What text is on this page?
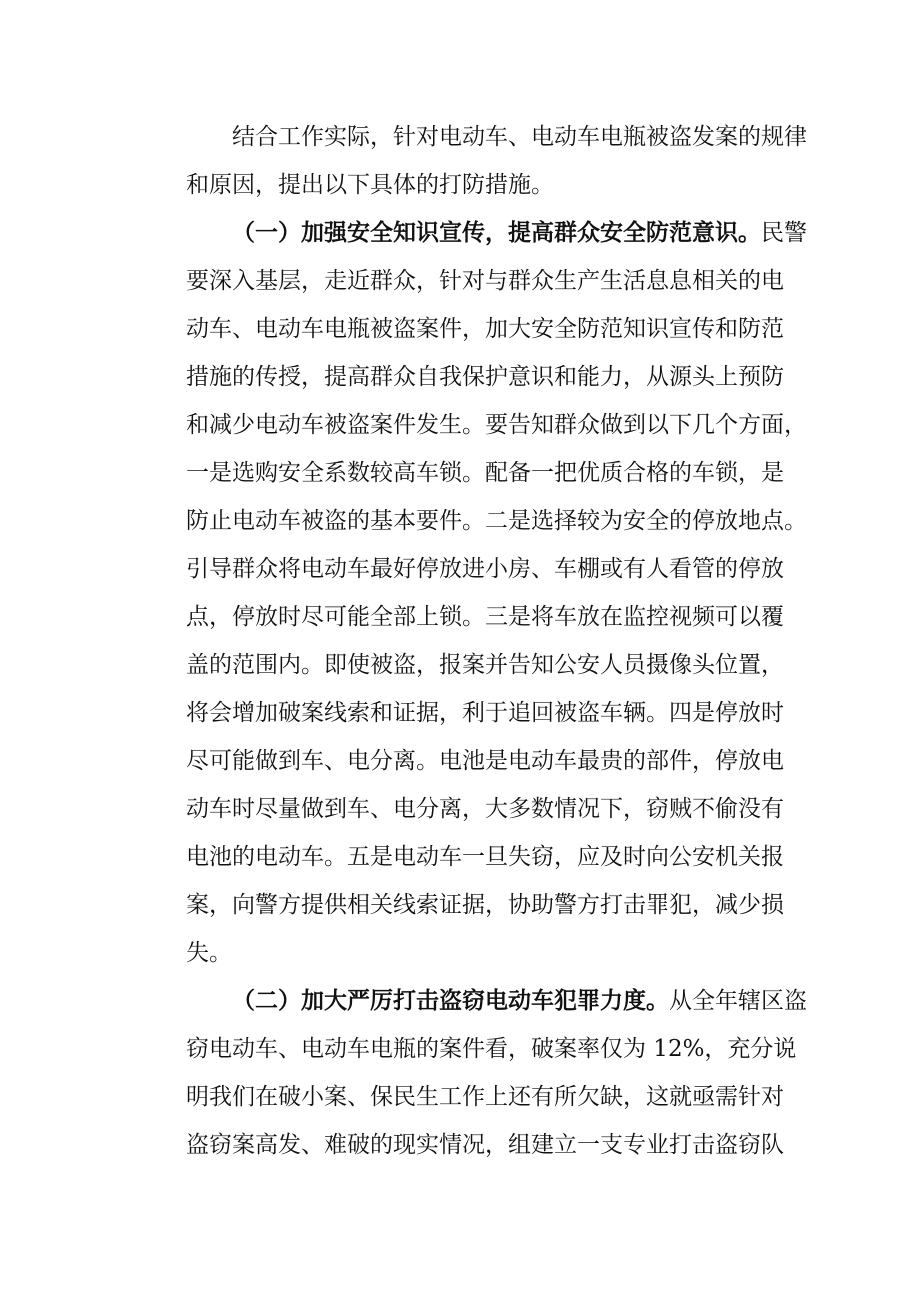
结合工作实际，针对电动车、电动车电瓶被盗发案的规律
和原因，提出以下具体的打防措施。
（一）加强安全知识宣传，提高群众安全防范意识。民警
要深入基层，走近群众，针对与群众生产生活息息相关的电
动车、电动车电瓶被盗案件，加大安全防范知识宣传和防范
措施的传授，提高群众自我保护意识和能力，从源头上预防
和减少电动车被盗案件发生。要告知群众做到以下几个方面，
一是选购安全系数较高车锁。配备一把优质合格的车锁，是
防止电动车被盗的基本要件。二是选择较为安全的停放地点。
引导群众将电动车最好停放进小房、车棚或有人看管的停放
点，停放时尽可能全部上锁。三是将车放在监控视频可以覆
盖的范围内。即使被盗，报案并告知公安人员摄像头位置，
将会增加破案线索和证据，利于追回被盗车辆。四是停放时
尽可能做到车、电分离。电池是电动车最贵的部件，停放电
动车时尽量做到车、电分离，大多数情况下，窃贼不偷没有
电池的电动车。五是电动车一旦失窃，应及时向公安机关报
案，向警方提供相关线索证据，协助警方打击罪犯，减少损
失。
（二）加大严厉打击盗窃电动车犯罪力度。从全年辖区盗
窃电动车、电动车电瓶的案件看，破案率仅为 12%，充分说
明我们在破小案、保民生工作上还有所欠缺，这就亟需针对
盗窃案高发、难破的现实情况，组建立一支专业打击盗窃队
